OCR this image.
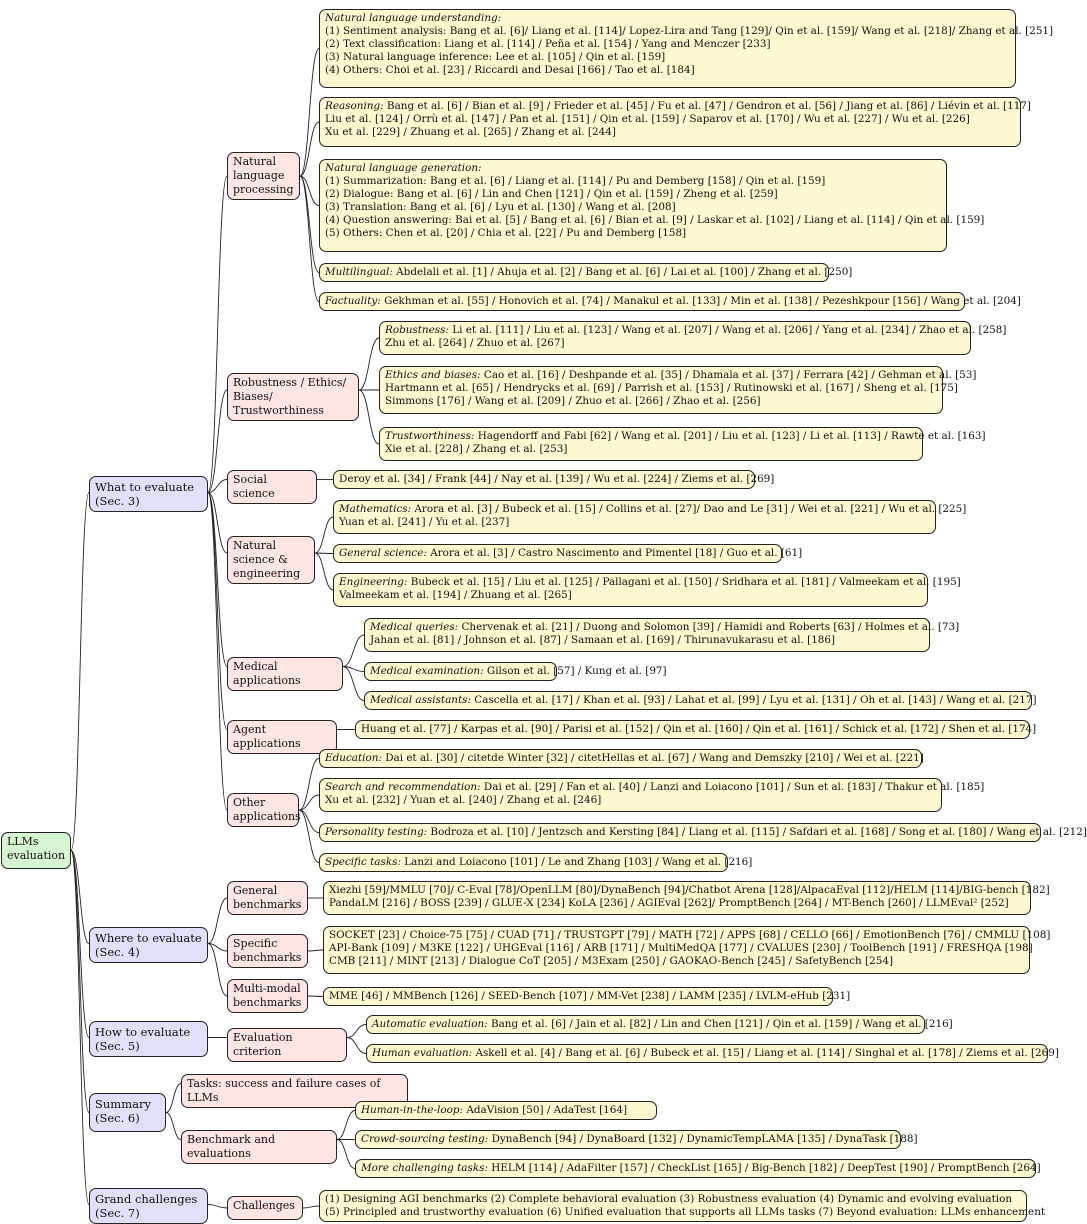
LLMs evaluation
What to evaluate (Sec. 3)
Natural language processing
Natural language understanding:
(1) Sentiment analysis: Bang et al. [6]/ Liang et al. [114]/ Lopez-Lira and Tang [129]/ Qin et al. [159]/ Wang et al. [218]/ Zhang et al. [251]
(2) Text classification: Liang et al. [114] / Peña et al. [154] / Yang and Menczer [233]
(3) Natural language inference: Lee et al. [105] / Qin et al. [159]
(4) Others: Choi et al. [23] / Riccardi and Desai [166] / Tao et al. [184]
Reasoning: Bang et al. [6] / Bian et al. [9] / Frieder et al. [45] / Fu et al. [47] / Gendron et al. [56] / Jiang et al. [86] / Liévin et al. [117]
Liu et al. [124] / Orrù et al. [147] / Pan et al. [151] / Qin et al. [159] / Saparov et al. [170] / Wu et al. [227] / Wu et al. [226]
Xu et al. [229] / Zhuang et al. [265] / Zhang et al. [244]
Natural language generation:
(1) Summarization: Bang et al. [6] / Liang et al. [114] / Pu and Demberg [158] / Qin et al. [159]
(2) Dialogue: Bang et al. [6] / Lin and Chen [121] / Qin et al. [159] / Zheng et al. [259]
(3) Translation: Bang et al. [6] / Lyu et al. [130] / Wang et al. [208]
(4) Question answering: Bai et al. [5] / Bang et al. [6] / Bian et al. [9] / Laskar et al. [102] / Liang et al. [114] / Qin et al. [159]
(5) Others: Chen et al. [20] / Chia et al. [22] / Pu and Demberg [158]
Multilingual: Abdelali et al. [1] / Ahuja et al. [2] / Bang et al. [6] / Lai et al. [100] / Zhang et al. [250]
Factuality: Gekhman et al. [55] / Honovich et al. [74] / Manakul et al. [133] / Min et al. [138] / Pezeshkpour [156] / Wang et al. [204]
Robustness / Ethics/ Biases/ Trustworthiness
Robustness: Li et al. [111] / Liu et al. [123] / Wang et al. [207] / Wang et al. [206] / Yang et al. [234] / Zhao et al. [258]
Zhu et al. [264] / Zhuo et al. [267]
Ethics and biases: Cao et al. [16] / Deshpande et al. [35] / Dhamala et al. [37] / Ferrara [42] / Gehman et al. [53]
Hartmann et al. [65] / Hendrycks et al. [69] / Parrish et al. [153] / Rutinowski et al. [167] / Sheng et al. [175]
Simmons [176] / Wang et al. [209] / Zhuo et al. [266] / Zhao et al. [256]
Trustworthiness: Hagendorff and Fabi [62] / Wang et al. [201] / Liu et al. [123] / Li et al. [113] / Rawte et al. [163]
Xie et al. [228] / Zhang et al. [253]
Social science
Deroy et al. [34] / Frank [44] / Nay et al. [139] / Wu et al. [224] / Ziems et al. [269]
Natural science & engineering
Mathematics: Arora et al. [3] / Bubeck et al. [15] / Collins et al. [27]/ Dao and Le [31] / Wei et al. [221] / Wu et al. [225]
Yuan et al. [241] / Yu et al. [237]
General science: Arora et al. [3] / Castro Nascimento and Pimentel [18] / Guo et al. [61]
Engineering: Bubeck et al. [15] / Liu et al. [125] / Pallagani et al. [150] / Sridhara et al. [181] / Valmeekam et al. [195]
Valmeekam et al. [194] / Zhuang et al. [265]
Medical applications
Medical queries: Chervenak et al. [21] / Duong and Solomon [39] / Hamidi and Roberts [63] / Holmes et al. [73]
Jahan et al. [81] / Johnson et al. [87] / Samaan et al. [169] / Thirunavukarasu et al. [186]
Medical examination: Gilson et al. [57] / Kung et al. [97]
Medical assistants: Cascella et al. [17] / Khan et al. [93] / Lahat et al. [99] / Lyu et al. [131] / Oh et al. [143] / Wang et al. [217]
Agent applications
Huang et al. [77] / Karpas et al. [90] / Parisi et al. [152] / Qin et al. [160] / Qin et al. [161] / Schick et al. [172] / Shen et al. [174]
Other applications
Education: Dai et al. [30] / citetde Winter [32] / citetHellas et al. [67] / Wang and Demszky [210] / Wei et al. [221]
Search and recommendation: Dai et al. [29] / Fan et al. [40] / Lanzi and Loiacono [101] / Sun et al. [183] / Thakur et al. [185]
Xu et al. [232] / Yuan et al. [240] / Zhang et al. [246]
Personality testing: Bodroza et al. [10] / Jentzsch and Kersting [84] / Liang et al. [115] / Safdari et al. [168] / Song et al. [180] / Wang et al. [212]
Specific tasks: Lanzi and Loiacono [101] / Le and Zhang [103] / Wang et al. [216]
Where to evaluate (Sec. 4)
General benchmarks
Xiezhi [59]/MMLU [70]/ C-Eval [78]/OpenLLM [80]/DynaBench [94]/Chatbot Arena [128]/AlpacaEval [112]/HELM [114]/BIG-bench [182]
PandaLM [216] / BOSS [239] / GLUE-X [234] KoLA [236] / AGIEval [262]/ PromptBench [264] / MT-Bench [260] / LLMEval² [252]
Specific benchmarks
SOCKET [23] / Choice-75 [75] / CUAD [71] / TRUSTGPT [79] / MATH [72] / APPS [68] / CELLO [66] / EmotionBench [76] / CMMLU [108]
API-Bank [109] / M3KE [122] / UHGEval [116] / ARB [171] / MultiMedQA [177] / CVALUES [230] / ToolBench [191] / FRESHQA [198]
CMB [211] / MINT [213] / Dialogue CoT [205] / M3Exam [250] / GAOKAO-Bench [245] / SafetyBench [254]
Multi-modal benchmarks	MME [46] / MMBench [126] / SEED-Bench [107] / MM-Vet [238] / LAMM [235] / LVLM-eHub [231]
How to evaluate (Sec. 5)
Evaluation criterion
Automatic evaluation: Bang et al. [6] / Jain et al. [82] / Lin and Chen [121] / Qin et al. [159] / Wang et al. [216]
Human evaluation: Askell et al. [4] / Bang et al. [6] / Bubeck et al. [15] / Liang et al. [114] / Singhal et al. [178] / Ziems et al. [269]
Summary (Sec. 6)
Tasks: success and failure cases of LLMs
Benchmark and evaluations
Human-in-the-loop: AdaVision [50] / AdaTest [164]
Crowd-sourcing testing: DynaBench [94] / DynaBoard [132] / DynamicTempLAMA [135] / DynaTask [188]
More challenging tasks: HELM [114] / AdaFilter [157] / CheckList [165] / Big-Bench [182] / DeepTest [190] / PromptBench [264]
Grand challenges (Sec. 7)
Challenges	(1) Designing AGI benchmarks (2) Complete behavioral evaluation (3) Robustness evaluation (4) Dynamic and evolving evaluation
(5) Principled and trustworthy evaluation (6) Unified evaluation that supports all LLMs tasks (7) Beyond evaluation: LLMs enhancement
